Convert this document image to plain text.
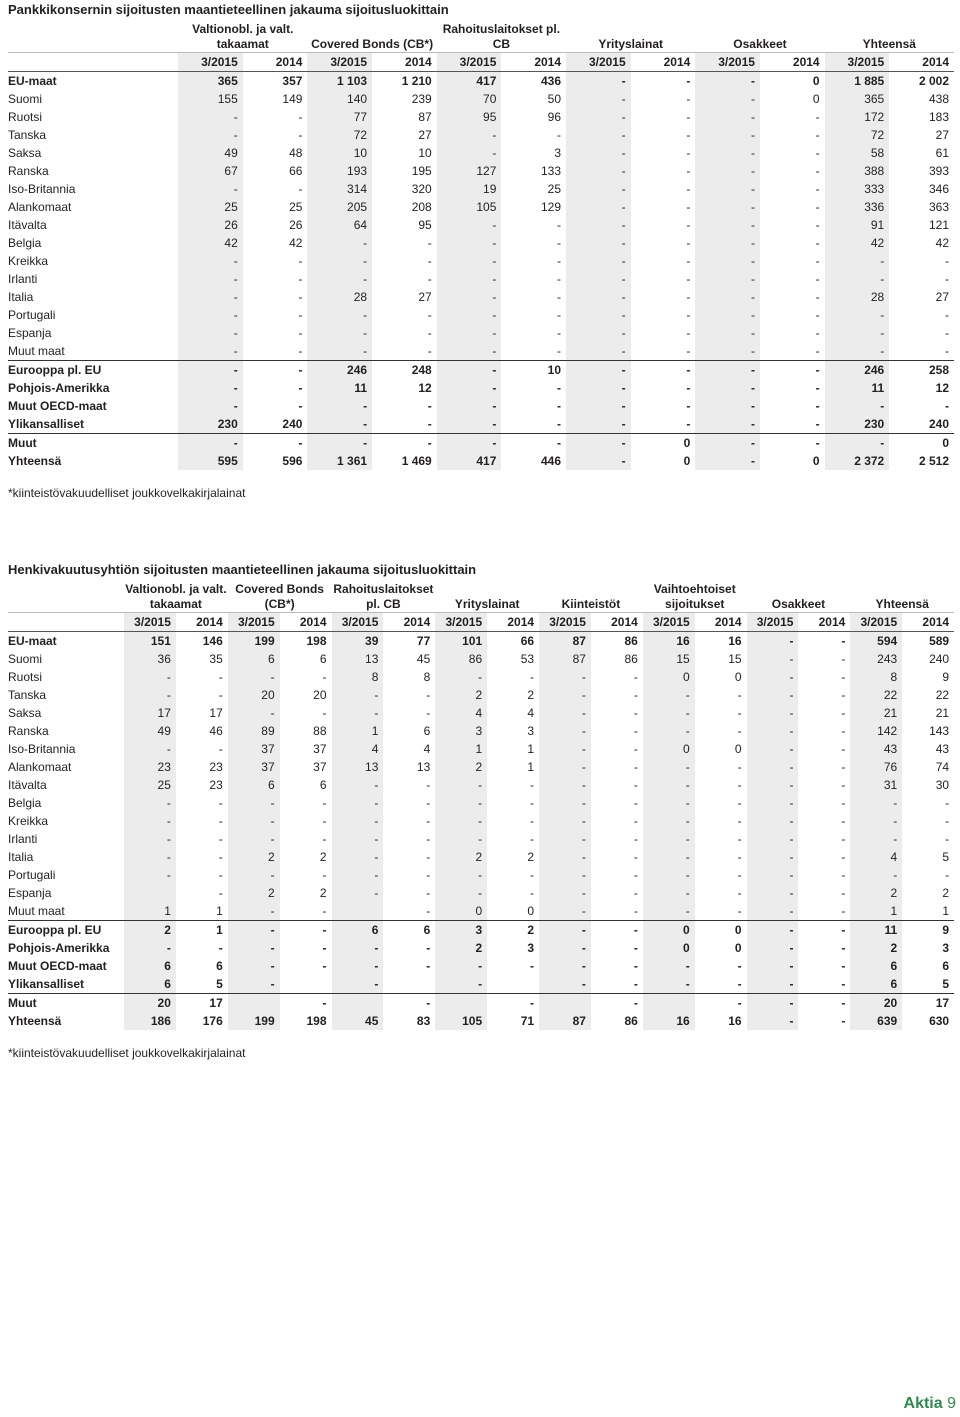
Pankkikonsernin sijoitusten maantieteellinen jakauma sijoitusluokittain

	Valtionobl. ja valt. takaamat		Covered Bonds (CB*)		Rahoituslaitokset pl. CB		Yrityslainat		Osakkeet		Yhteensä	
	3/2015	2014	3/2015	2014	3/2015	2014	3/2015	2014	3/2015	2014	3/2015	2014
EU-maat	365	357	1 103	1 210	417	436	-	-	-	0	1 885	2 002
Suomi	155	149	140	239	70	50	-	-	-	0	365	438
Ruotsi	-	-	77	87	95	96	-	-	-	-	172	183
Tanska	-	-	72	27	-	-	-	-	-	-	72	27
Saksa	49	48	10	10	-	3	-	-	-	-	58	61
Ranska	67	66	193	195	127	133	-	-	-	-	388	393
Iso-Britannia	-	-	314	320	19	25	-	-	-	-	333	346
Alankomaat	25	25	205	208	105	129	-	-	-	-	336	363
Itävalta	26	26	64	95	-	-	-	-	-	-	91	121
Belgia	42	42	-	-	-	-	-	-	-	-	42	42
Kreikka	-	-	-	-	-	-	-	-	-	-	-	-
Irlanti	-	-	-	-	-	-	-	-	-	-	-	-
Italia	-	-	28	27	-	-	-	-	-	-	28	27
Portugali	-	-	-	-	-	-	-	-	-	-	-	-
Espanja	-	-	-	-	-	-	-	-	-	-	-	-
Muut maat	-	-	-	-	-	-	-	-	-	-	-	-
Eurooppa pl. EU	-	-	246	248	-	10	-	-	-	-	246	258
Pohjois-Amerikka	-	-	11	12	-	-	-	-	-	-	11	12
Muut OECD-maat	-	-	-	-	-	-	-	-	-	-	-	-
Ylikansalliset	230	240	-	-	-	-	-	-	-	-	230	240
Muut	-	-	-	-	-	-	-	0	-	-	-	0
Yhteensä	595	596	1 361	1 469	417	446	-	0	-	0	2 372	2 512
*kiinteistövakuudelliset joukkovelkakirjalainat

Henkivakuutusyhtiön sijoitusten maantieteellinen jakauma sijoitusluokittain

	Valtionobl. ja valt. takaamat		Covered Bonds (CB*)		Rahoituslaitokset pl. CB		Yrityslainat		Kiinteistöt		Vaihtoehtoiset sijoitukset		Osakkeet		Yhteensä	
	3/2015	2014	3/2015	2014	3/2015	2014	3/2015	2014	3/2015	2014	3/2015	2014	3/2015	2014	3/2015	2014
EU-maat	151	146	199	198	39	77	101	66	87	86	16	16	-	-	594	589
Suomi	36	35	6	6	13	45	86	53	87	86	15	15	-	-	243	240
Ruotsi	-	-	-	-	8	8	-	-	-	-	0	0	-	-	8	9
Tanska	-	-	20	20	-	-	2	2	-	-	-	-	-	-	22	22
Saksa	17	17	-	-	-	-	4	4	-	-	-	-	-	-	21	21
Ranska	49	46	89	88	1	6	3	3	-	-	-	-	-	-	142	143
Iso-Britannia	-	-	37	37	4	4	1	1	-	-	0	0	-	-	43	43
Alankomaat	23	23	37	37	13	13	2	1	-	-	-	-	-	-	76	74
Itävalta	25	23	6	6	-	-	-	-	-	-	-	-	-	-	31	30
Belgia	-	-	-	-	-	-	-	-	-	-	-	-	-	-	-	-
Kreikka	-	-	-	-	-	-	-	-	-	-	-	-	-	-	-	-
Irlanti	-	-	-	-	-	-	-	-	-	-	-	-	-	-	-	-
Italia	-	-	2	2	-	-	2	2	-	-	-	-	-	-	4	5
Portugali	-	-	-	-	-	-	-	-	-	-	-	-	-	-	-	-
Espanja		-	2	2	-	-	-	-	-	-	-	-	-	-	2	2
Muut maat	1	1	-	-		-	0	0	-	-	-	-	-	-	1	1
Eurooppa pl. EU	2	1	-	-	6	6	3	2	-	-	0	0	-	-	11	9
Pohjois-Amerikka	-	-	-	-	-	-	2	3	-	-	0	0	-	-	2	3
Muut OECD-maat	6	6	-	-	-	-	-	-	-	-	-	-	-	-	6	6
Ylikansalliset	6	5	-		-		-		-	-	-	-	-	-	6	5
Muut	20	17		-		-		-		-		-	-	-	20	17
Yhteensä	186	176	199	198	45	83	105	71	87	86	16	16	-	-	639	630
*kiinteistövakuudelliset joukkovelkakirjalainat
Aktia 9
